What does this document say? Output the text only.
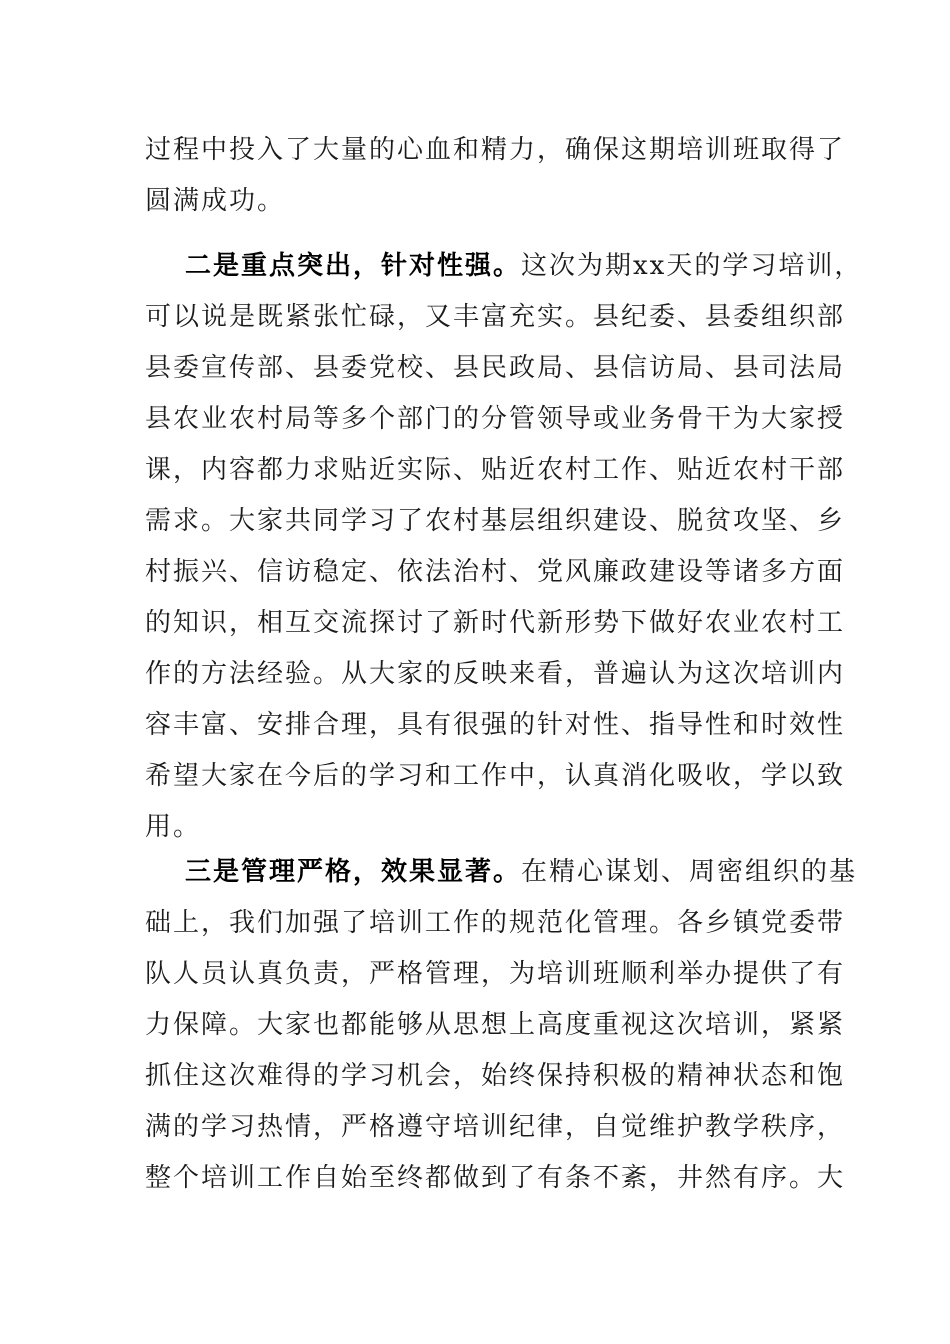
过程中投入了大量的心血和精力，确保这期培训班取得了
圆满成功。
二是重点突出，针对性强。这次为期xx天的学习培训，
可以说是既紧张忙碌，又丰富充实。县纪委、县委组织部
县委宣传部、县委党校、县民政局、县信访局、县司法局
县农业农村局等多个部门的分管领导或业务骨干为大家授
课，内容都力求贴近实际、贴近农村工作、贴近农村干部
需求。大家共同学习了农村基层组织建设、脱贫攻坚、乡
村振兴、信访稳定、依法治村、党风廉政建设等诸多方面
的知识，相互交流探讨了新时代新形势下做好农业农村工
作的方法经验。从大家的反映来看，普遍认为这次培训内
容丰富、安排合理，具有很强的针对性、指导性和时效性
希望大家在今后的学习和工作中，认真消化吸收，学以致
用。
三是管理严格，效果显著。在精心谋划、周密组织的基
础上，我们加强了培训工作的规范化管理。各乡镇党委带
队人员认真负责，严格管理，为培训班顺利举办提供了有
力保障。大家也都能够从思想上高度重视这次培训，紧紧
抓住这次难得的学习机会，始终保持积极的精神状态和饱
满的学习热情，严格遵守培训纪律，自觉维护教学秩序，
整个培训工作自始至终都做到了有条不紊，井然有序。大
